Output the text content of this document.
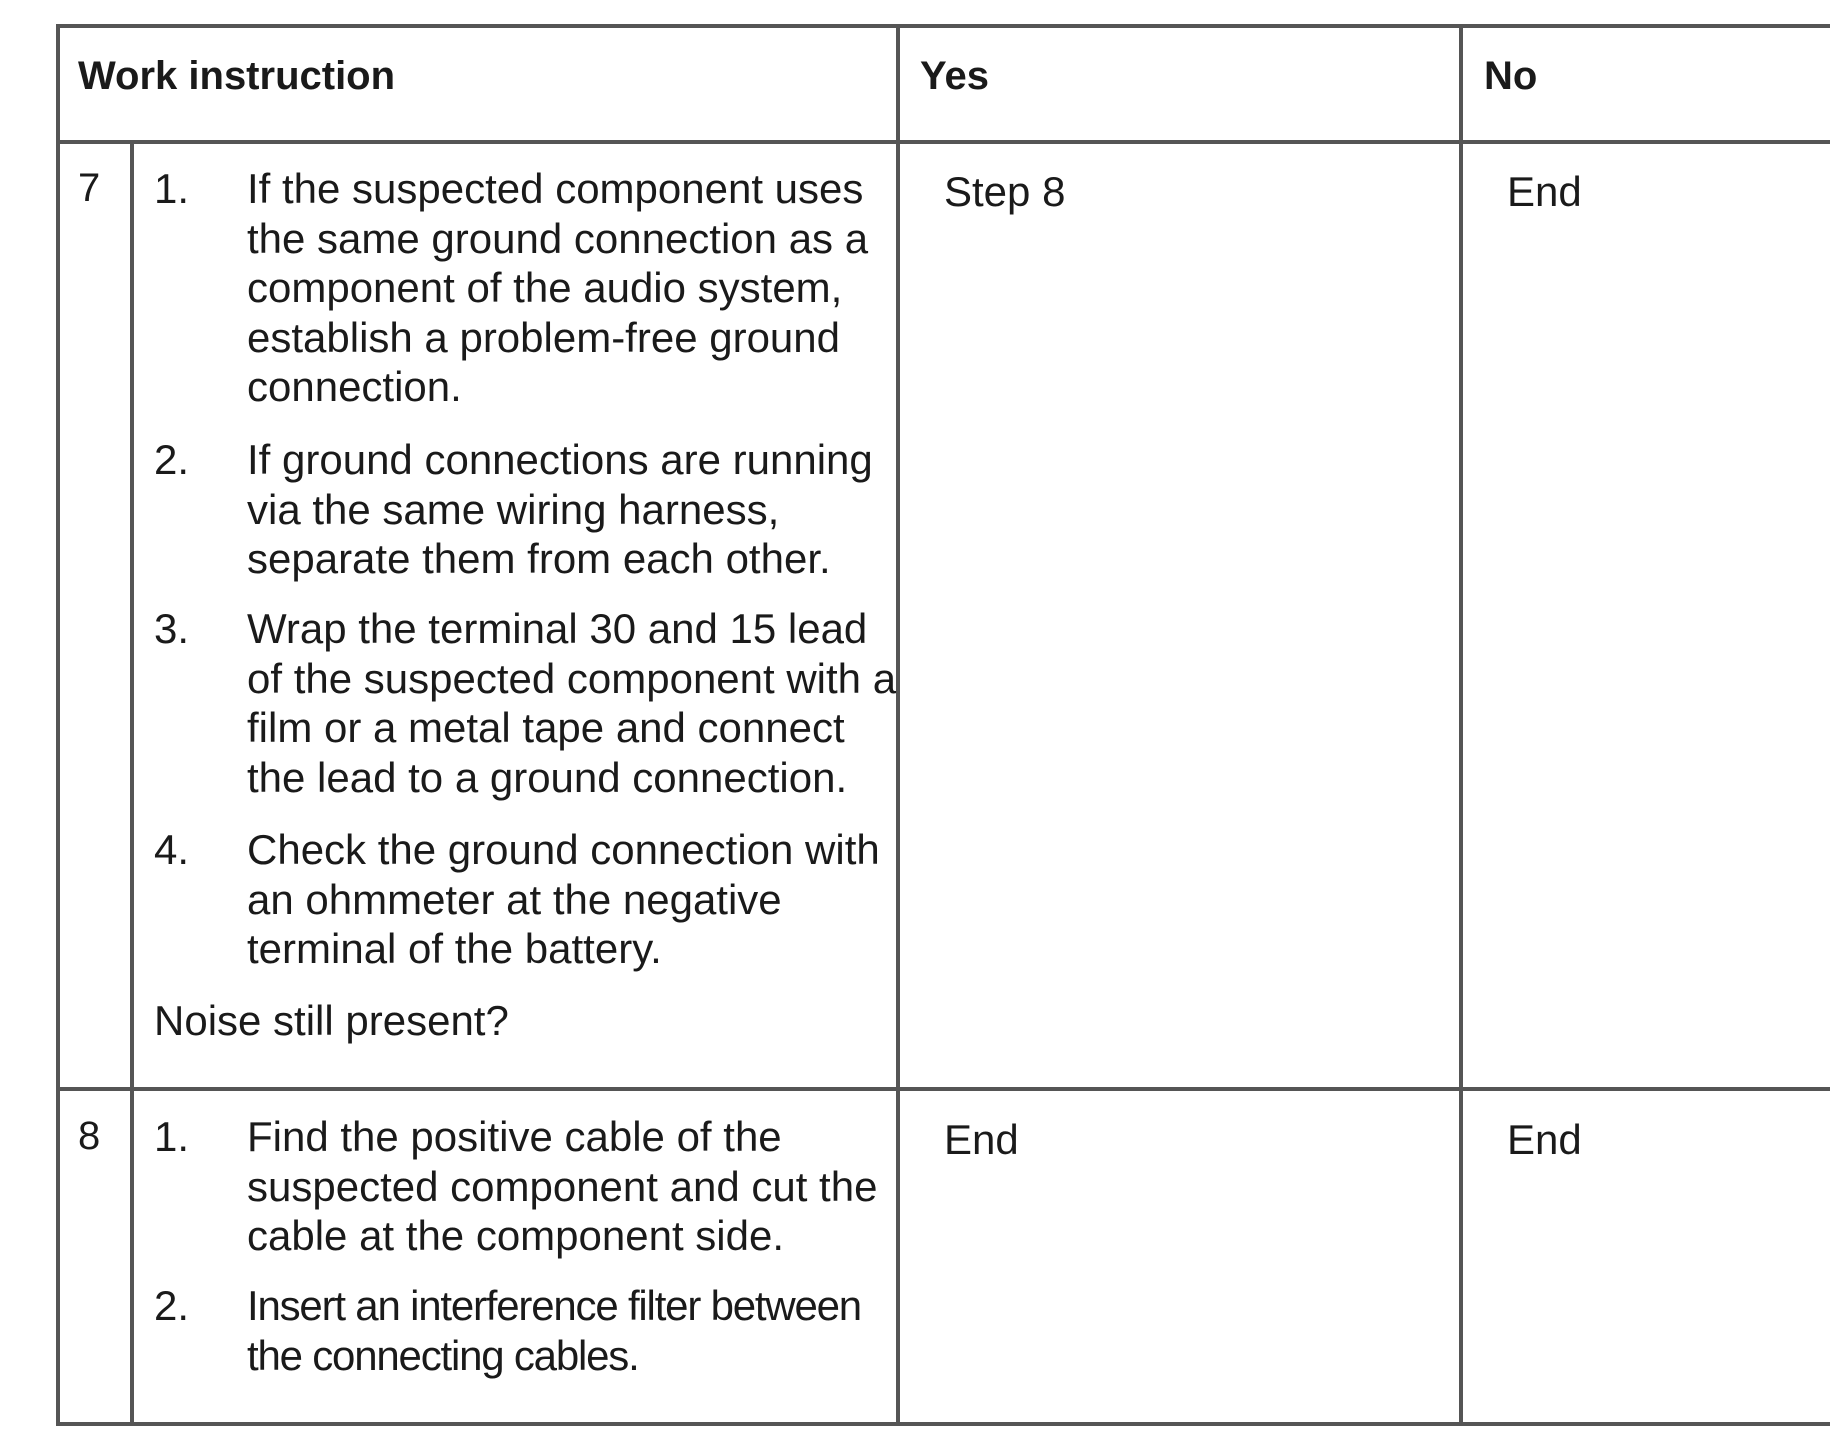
Work instruction	Yes	No
7 1. If the suspected component uses the same ground connection as a component of the audio system, establish a problem-free ground connection.
2. If ground connections are running via the same wiring harness, separate them from each other.
3. Wrap the terminal 30 and 15 lead of the suspected component with a film or a metal tape and connect the lead to a ground connection.
4. Check the ground connection with an ohmmeter at the negative terminal of the battery.
Noise still present?
Step 8	End
8 1. Find the positive cable of the suspected component and cut the cable at the component side.
2. Insert an interference filter between the connecting cables.
End	End
